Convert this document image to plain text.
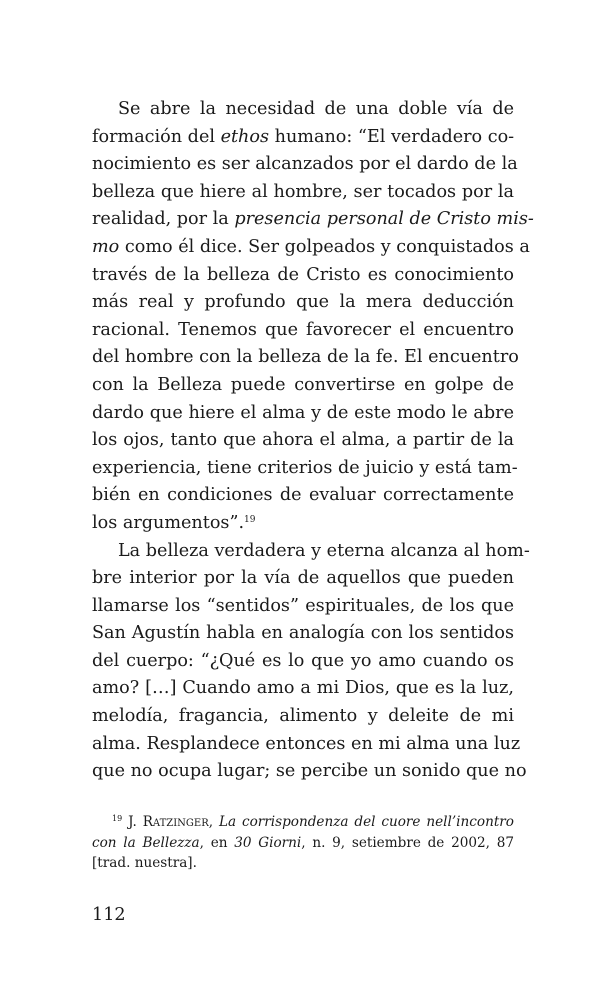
Se abre la necesidad de una doble vía de
formación del ethos humano: “El verdadero co-
nocimiento es ser alcanzados por el dardo de la
belleza que hiere al hombre, ser tocados por la
realidad, por la presencia personal de Cristo mis-
mo como él dice. Ser golpeados y conquistados a
través de la belleza de Cristo es conocimiento
más real y profundo que la mera deducción
racional. Tenemos que favorecer el encuentro
del hombre con la belleza de la fe. El encuentro
con la Belleza puede convertirse en golpe de
dardo que hiere el alma y de este modo le abre
los ojos, tanto que ahora el alma, a partir de la
experiencia, tiene criterios de juicio y está tam-
bién en condiciones de evaluar correctamente
los argumentos”.$^{19}$
La belleza verdadera y eterna alcanza al hom-
bre interior por la vía de aquellos que pueden
llamarse los “sentidos” espirituales, de los que
San Agustín habla en analogía con los sentidos
del cuerpo: “¿Qué es lo que yo amo cuando os
amo? […] Cuando amo a mi Dios, que es la luz,
melodía, fragancia, alimento y deleite de mi
alma. Resplandece entonces en mi alma una luz
que no ocupa lugar; se percibe un sonido que no
$^{19}$ J. Ratzinger, La corrispondenza del cuore nell’incontro
con la Bellezza, en 30 Giorni, n. 9, setiembre de 2002, 87
[trad. nuestra].
112
